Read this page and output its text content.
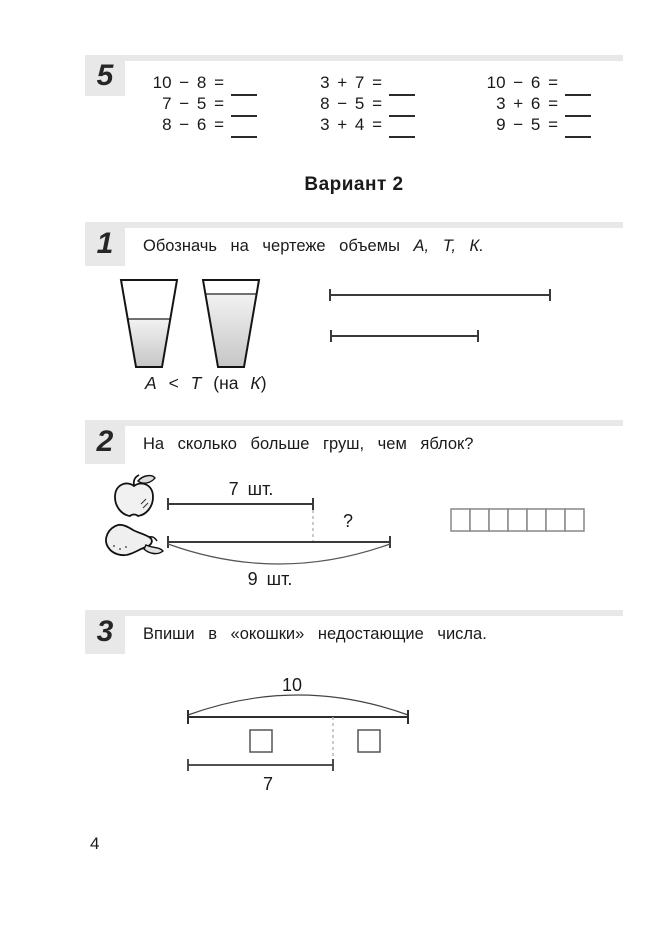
5	10 − 8 =
7 − 5 =
8 − 6 =
3 + 7 =
8 − 5 =
3 + 4 =
10 − 6 =
3 + 6 =
9 − 5 =
Вариант 2
1	Обозначь на чертеже объемы А, Т, К.
А < Т (на К)
2	На сколько больше груш, чем яблок?
7 шт.
?
9 шт.
3	Впиши в «окошки» недостающие числа.
10
7
4
